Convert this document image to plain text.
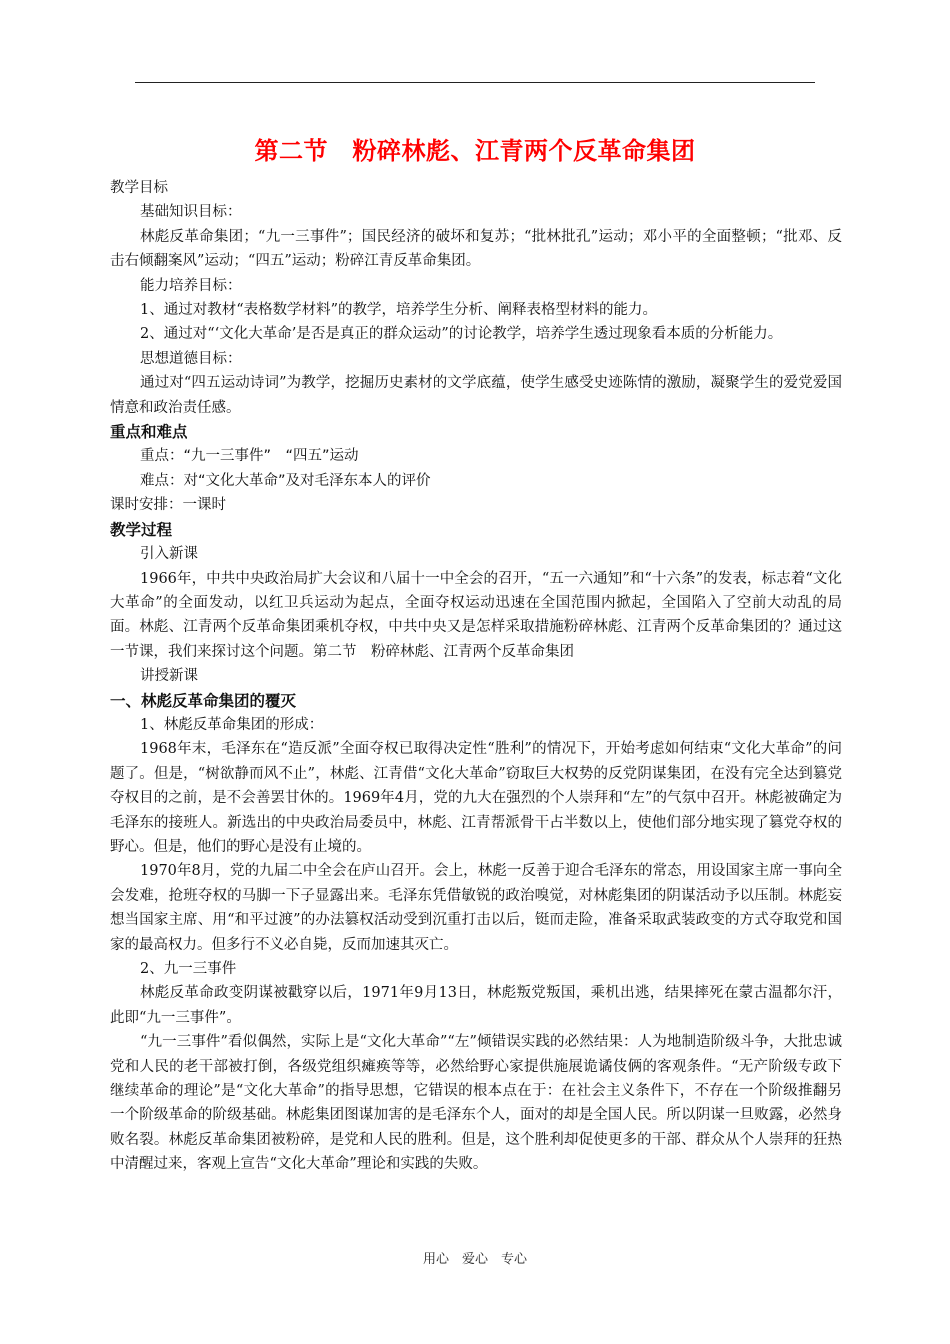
第二节　粉碎林彪、江青两个反革命集团

教学目标

基础知识目标：

林彪反革命集团；“九一三事件”；国民经济的破坏和复苏；“批林批孔”运动；邓小平的全面整顿；“批邓、反击右倾翻案风”运动；“四五”运动；粉碎江青反革命集团。

能力培养目标：

1、通过对教材“表格数学材料”的教学，培养学生分析、阐释表格型材料的能力。

2、通过对“‘文化大革命’是否是真正的群众运动”的讨论教学，培养学生透过现象看本质的分析能力。

思想道德目标：

通过对“四五运动诗词”为教学，挖掘历史素材的文学底蕴，使学生感受史迹陈情的激励，凝聚学生的爱党爱国情意和政治责任感。

重点和难点

重点：“九一三事件”　“四五”运动

难点：对“文化大革命”及对毛泽东本人的评价

课时安排：一课时

教学过程

引入新课

1966年，中共中央政治局扩大会议和八届十一中全会的召开，“五一六通知”和“十六条”的发表，标志着“文化大革命”的全面发动，以红卫兵运动为起点，全面夺权运动迅速在全国范围内掀起，全国陷入了空前大动乱的局面。林彪、江青两个反革命集团乘机夺权，中共中央又是怎样采取措施粉碎林彪、江青两个反革命集团的？通过这一节课，我们来探讨这个问题。第二节　粉碎林彪、江青两个反革命集团

讲授新课

一、林彪反革命集团的覆灭

1、林彪反革命集团的形成：

1968年末，毛泽东在“造反派”全面夺权已取得决定性“胜利”的情况下，开始考虑如何结束“文化大革命”的问题了。但是，“树欲静而风不止”，林彪、江青借“文化大革命”窃取巨大权势的反党阴谋集团，在没有完全达到篡党夺权目的之前，是不会善罢甘休的。1969年4月，党的九大在强烈的个人崇拜和“左”的气氛中召开。林彪被确定为毛泽东的接班人。新选出的中央政治局委员中，林彪、江青帮派骨干占半数以上，使他们部分地实现了篡党夺权的野心。但是，他们的野心是没有止境的。

1970年8月，党的九届二中全会在庐山召开。会上，林彪一反善于迎合毛泽东的常态，用设国家主席一事向全会发难，抢班夺权的马脚一下子显露出来。毛泽东凭借敏锐的政治嗅觉，对林彪集团的阴谋活动予以压制。林彪妄想当国家主席、用“和平过渡”的办法篡权活动受到沉重打击以后，铤而走险，准备采取武装政变的方式夺取党和国家的最高权力。但多行不义必自毙，反而加速其灭亡。

2、九一三事件

林彪反革命政变阴谋被戳穿以后，1971年9月13日，林彪叛党叛国，乘机出逃，结果摔死在蒙古温都尔汗，此即“九一三事件”。

“九一三事件”看似偶然，实际上是“文化大革命”“左”倾错误实践的必然结果：人为地制造阶级斗争，大批忠诚党和人民的老干部被打倒，各级党组织瘫痪等等，必然给野心家提供施展诡谲伎俩的客观条件。“无产阶级专政下继续革命的理论”是“文化大革命”的指导思想，它错误的根本点在于：在社会主义条件下，不存在一个阶级推翻另一个阶级革命的阶级基础。林彪集团图谋加害的是毛泽东个人，面对的却是全国人民。所以阴谋一旦败露，必然身败名裂。林彪反革命集团被粉碎，是党和人民的胜利。但是，这个胜利却促使更多的干部、群众从个人崇拜的狂热中清醒过来，客观上宣告“文化大革命”理论和实践的失败。

用心　爱心　专心
